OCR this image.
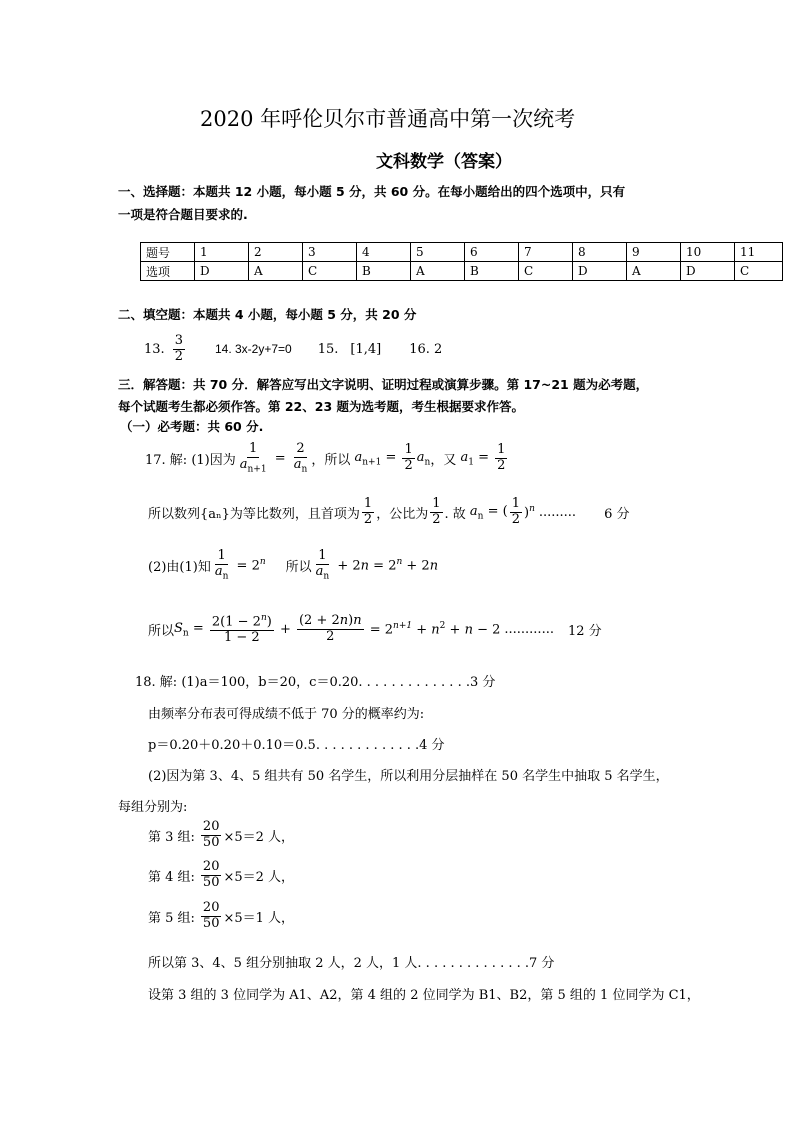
2020 年呼伦贝尔市普通高中第一次统考
文科数学（答案）
一、选择题：本题共 12 小题，每小题 5 分，共 60 分。在每小题给出的四个选项中，只有
一项是符合题目要求的.
题号	1	2	3	4	5	6	7	8	9	10	11
选项	D	A	C	B	A	B	C	D	A	D	C
二、填空题：本题共 4 小题，每小题 5 分，共 20 分
13. $\frac{3}{2}$	14. 3x-2y+7=0 15. [1,4] 16. 2
三．解答题：共 70 分．解答应写出文字说明、证明过程或演算步骤。第 17~21 题为必考题，
每个试题考生都必须作答。第 22、23 题为选考题，考生根据要求作答。
（一）必考题：共 60 分.
17. 解: (1)因为 $\frac{1}{a_{n+1}} = \frac{2}{a_n}$ ，所以 $a_{n+1} = \frac{1}{2} a_n$ ，又 $a_1 = \frac{1}{2}$
所以数列{aₙ}为等比数列，且首项为 $\frac{1}{2}$ ，公比为 $\frac{1}{2}$ . 故 $a_n$ = ( $\frac{1}{2} )^n$ ......... 6 分
(2)由(1)知 $\frac{1}{a_n} = 2^n$ 所以 $\frac{1}{a_n} + 2n = 2^n + 2n$
所以 $S_n = \frac{2(1 - 2^n)}{1 - 2} + \frac{(2 + 2n)n}{2} = 2^{n+1} + n^2 + n - 2$ ............ 12 分
18. 解: (1)a＝100，b＝20，c＝0.20. . . . . . . . . . . . . .3 分
由频率分布表可得成绩不低于 70 分的概率约为:
p＝0.20＋0.20＋0.10＝0.5. . . . . . . . . . . . .4 分
(2)因为第 3、4、5 组共有 50 名学生，所以利用分层抽样在 50 名学生中抽取 5 名学生，
每组分别为:
第 3 组: $\frac{20}{50} \times 5=2$ 人，
第 4 组: $\frac{20}{50} \times 5=2$ 人，
第 5 组: $\frac{20}{50} \times 5=1$ 人，
所以第 3、4、5 组分别抽取 2 人，2 人，1 人. . . . . . . . . . . . . .7 分
设第 3 组的 3 位同学为 A1、A2，第 4 组的 2 位同学为 B1、B2，第 5 组的 1 位同学为 C1，
